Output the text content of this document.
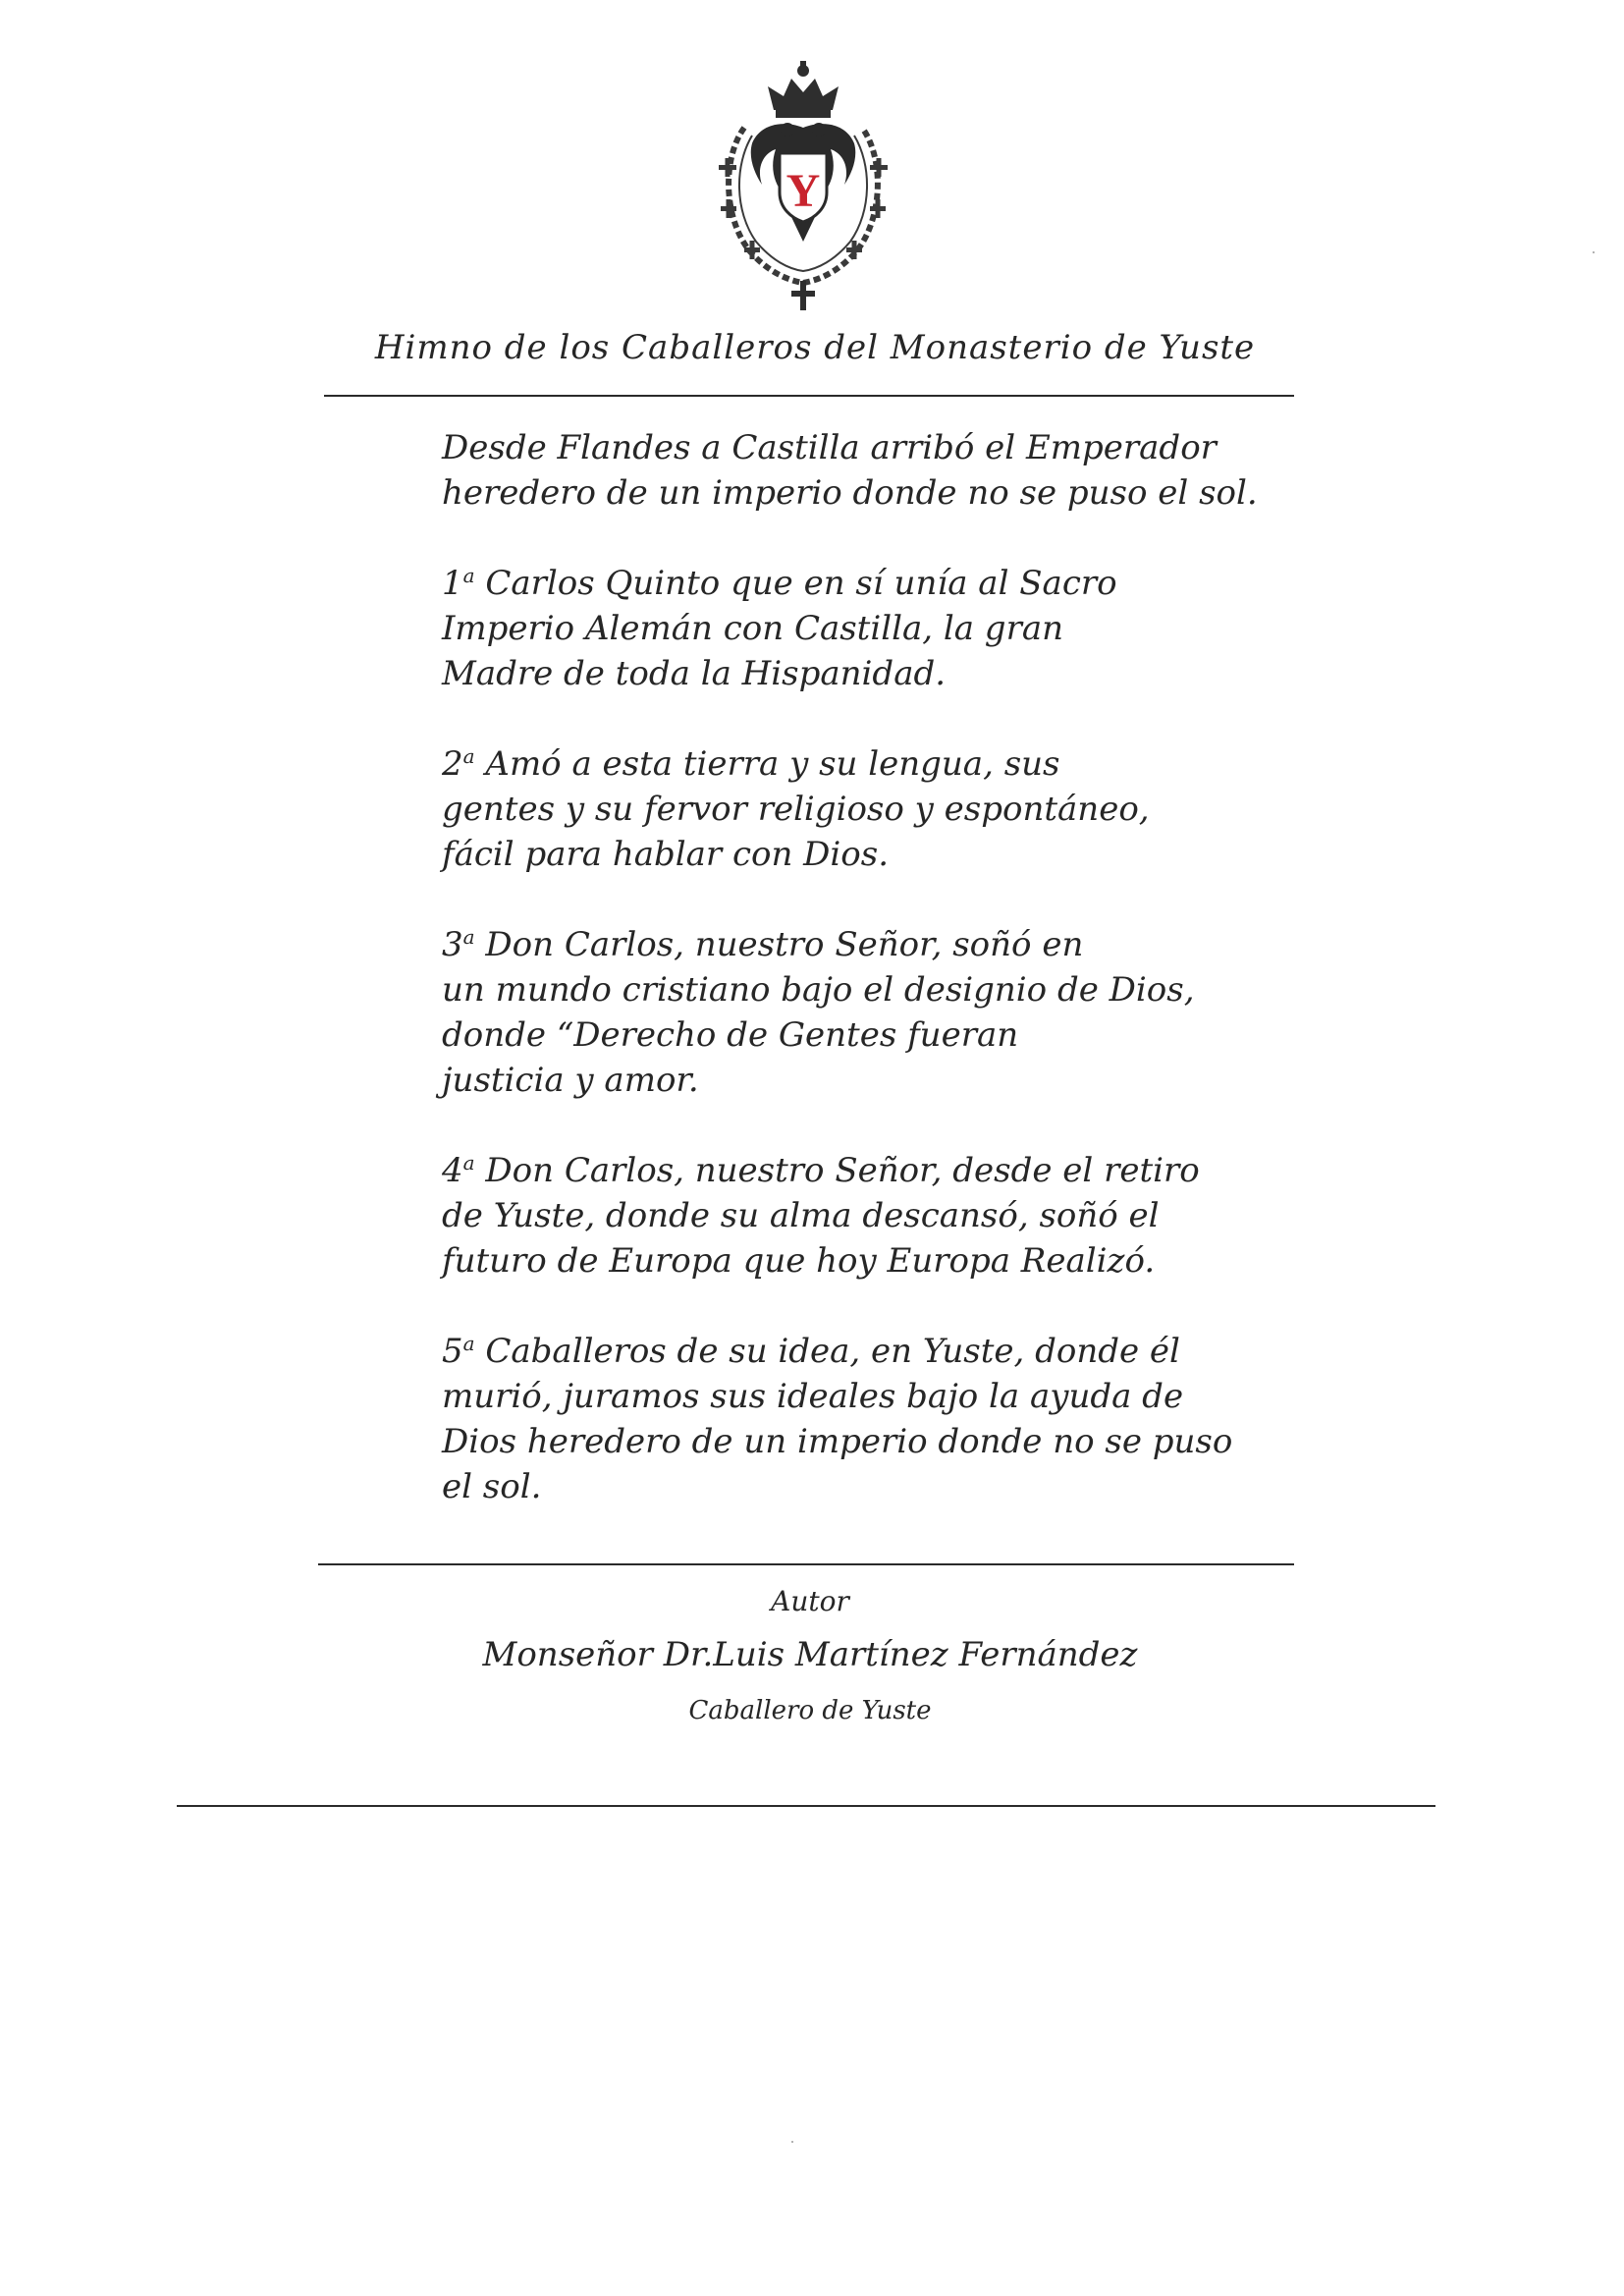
Y
Himno de los Caballeros del Monasterio de Yuste
Desde Flandes a Castilla arribó el Emperador
heredero de un imperio donde no se puso el sol.
1$^a$ Carlos Quinto que en sí unía al Sacro
Imperio Alemán con Castilla, la gran
Madre de toda la Hispanidad.
2$^a$ Amó a esta tierra y su lengua, sus
gentes y su fervor religioso y espontáneo,
fácil para hablar con Dios.
3$^a$ Don Carlos, nuestro Señor, soñó en
un mundo cristiano bajo el designio de Dios,
donde “Derecho de Gentes fueran
justicia y amor.
4$^a$ Don Carlos, nuestro Señor, desde el retiro
de Yuste, donde su alma descansó, soñó el
futuro de Europa que hoy Europa Realizó.
5$^a$ Caballeros de su idea, en Yuste, donde él
murió, juramos sus ideales bajo la ayuda de
Dios heredero de un imperio donde no se puso
el sol.
Autor
Monseñor Dr.Luis Martínez Fernández
Caballero de Yuste
